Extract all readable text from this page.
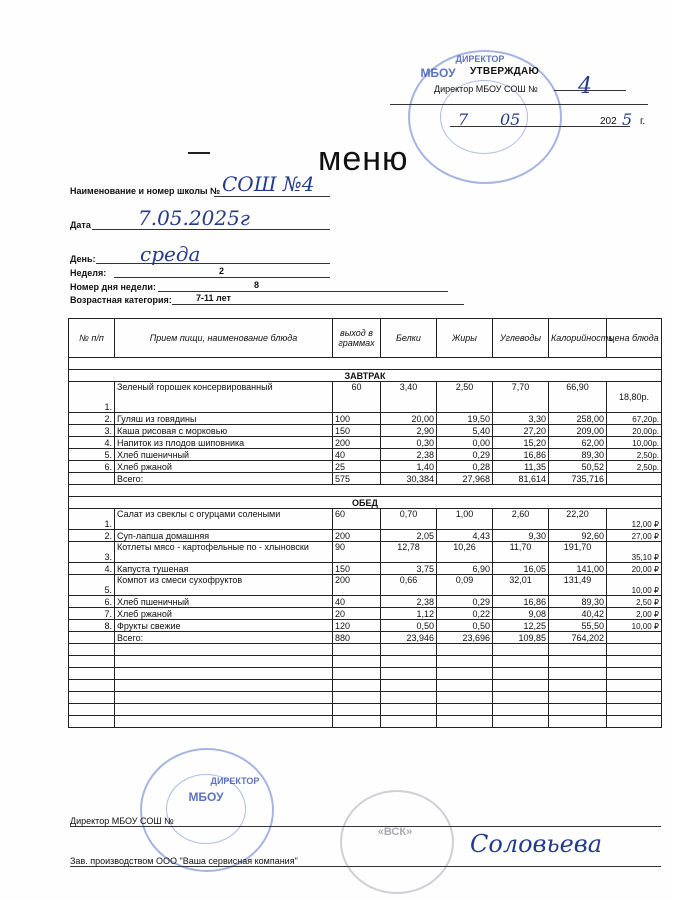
ДИРЕКТОР
МБОУ УТВЕРЖДАЮ
Директор МБОУ СОШ № 4
7 05	202 5 г.
меню
Наименование и номер школы № СОШ №4
Дата 7.05.2025г
День: среда
Неделя:	2
Номер дня недели:	8
Возрастная категория:	7-11 лет
№ п/п	Прием пищи, наименование блюда	выход в граммах	Белки	Жиры	Углеводы	Калорийность	цена блюда

ЗАВТРАК							
1.	Зеленый горошек консервированный	60	3,40	2,50	7,70	66,90	18,80р.
2.	Гуляш из говядины	100	20,00	19,50	3,30	258,00	67,20р.
3.	Каша рисовая с морковью	150	2,90	5,40	27,20	209,00	20,00р.
4.	Напиток из плодов шиповника	200	0,30	0,00	15,20	62,00	10,00р.
5.	Хлеб пшеничный	40	2,38	0,29	16,86	89,30	2,50р.
6.	Хлеб ржаной	25	1,40	0,28	11,35	50,52	2,50р.
	Всего:	575	30,384	27,968	81,614	735,716	

ОБЕД							
1.	Салат из свеклы с огурцами солеными	60	0,70	1,00	2,60	22,20	12,00 ₽
2.	Суп-лапша домашняя	200	2,05	4,43	9,30	92,60	27,00 ₽
3.	Котлеты мясо - картофельные по - хлыновски	90	12,78	10,26	11,70	191,70	35,10 ₽
4.	Капуста тушеная	150	3,75	6,90	16,05	141,00	20,00 ₽
5.	Компот из смеси сухофруктов	200	0,66	0,09	32,01	131,49	10,00 ₽
6.	Хлеб пшеничный	40	2,38	0,29	16,86	89,30	2,50 ₽
7.	Хлеб ржаной	20	1,12	0,22	9,08	40,42	2,00 ₽
8.	Фрукты свежие	120	0,50	0,50	12,25	55,50	10,00 ₽
	Всего:	880	23,946	23,696	109,85	764,202	

ДИРЕКТОР
МБОУ
«ВСК»
Директор МБОУ СОШ №
Зав. производством ООО "Ваша сервисная компания"
Соловьева
